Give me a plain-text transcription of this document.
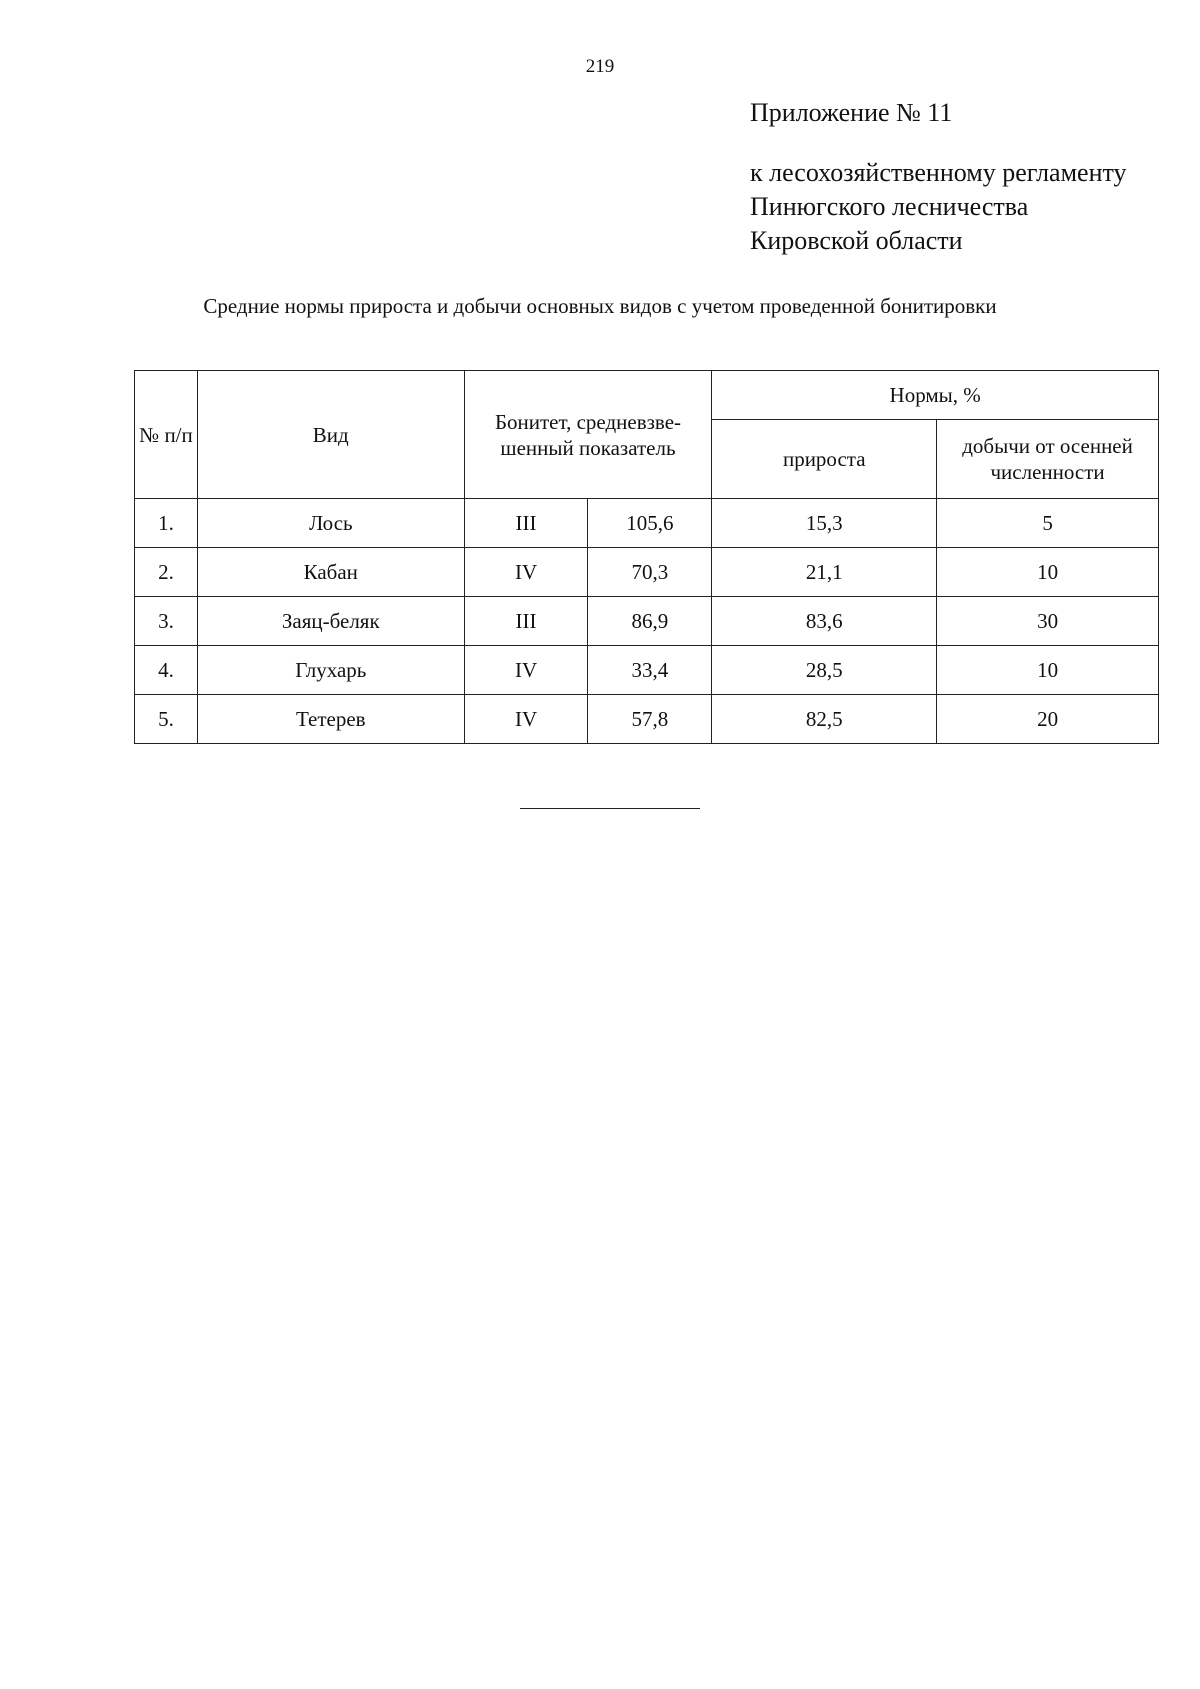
219
Приложение № 11
к лесохозяйственному регламенту
Пинюгского лесничества
Кировской области
Средние нормы прироста и добычи основных видов с учетом проведенной бонитировки
№ п/п	Вид	Бонитет, средневзве-шенный показатель		Нормы, %	
				прироста	добычи от осенней численности
1.	Лось	III	105,6	15,3	5
2.	Кабан	IV	70,3	21,1	10
3.	Заяц-беляк	III	86,9	83,6	30
4.	Глухарь	IV	33,4	28,5	10
5.	Тетерев	IV	57,8	82,5	20
